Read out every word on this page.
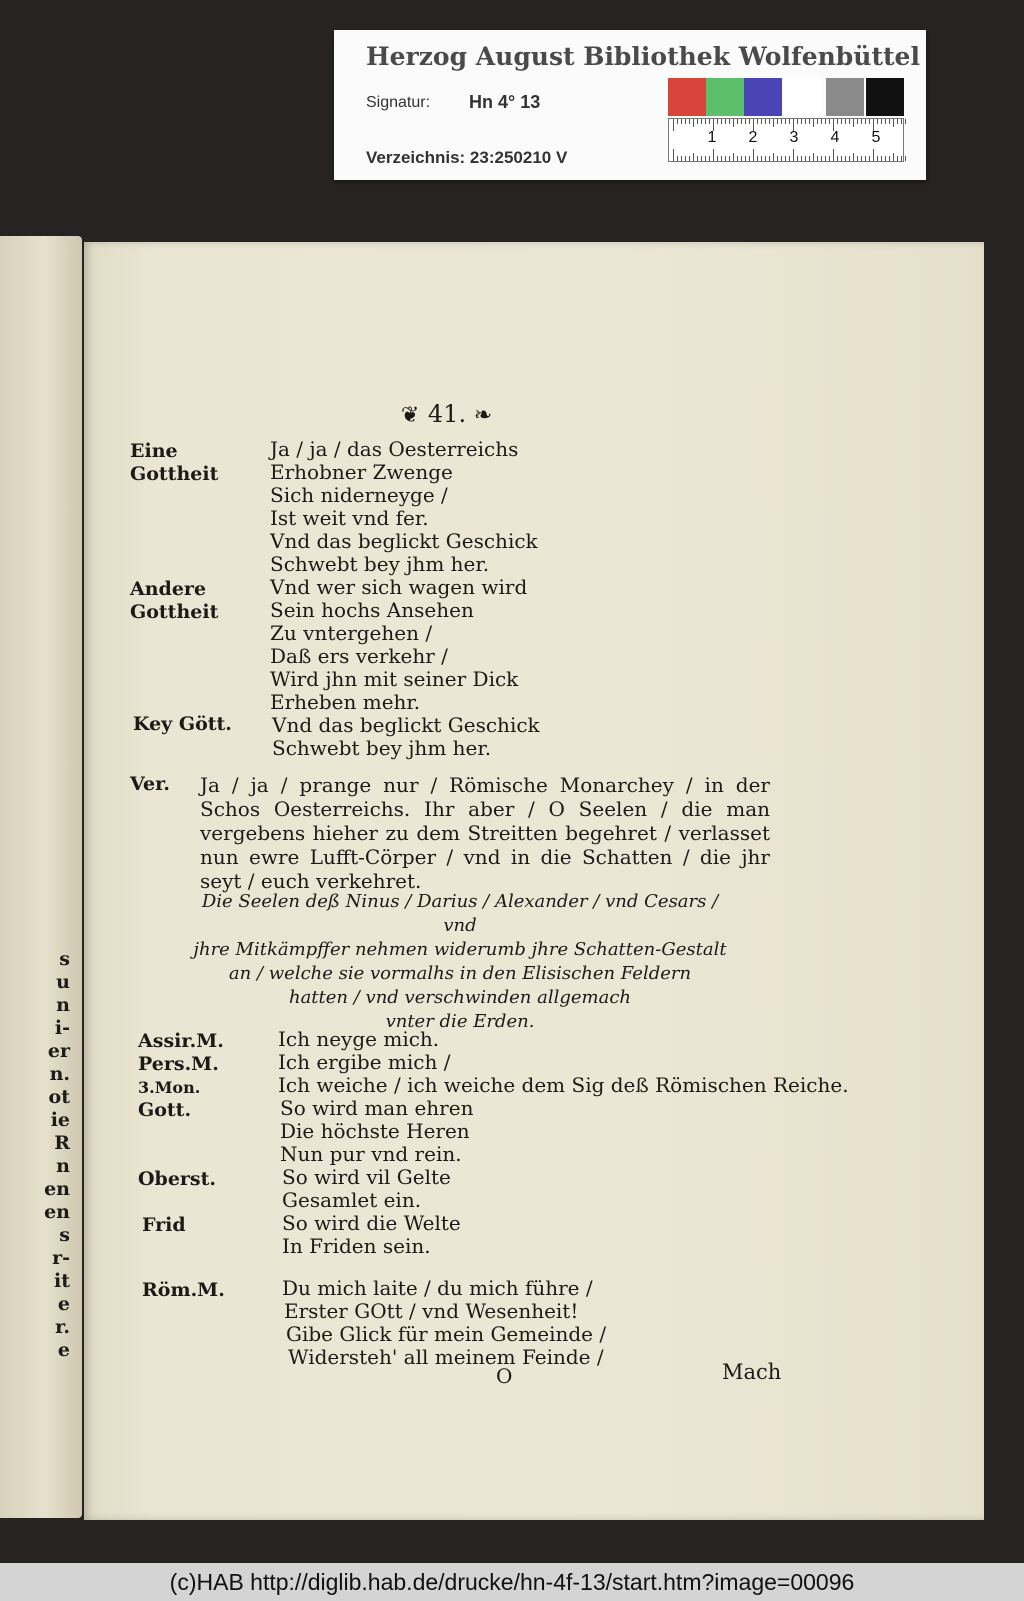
s
u
n
i-
er
n.
ot
ie
R
n
en
en
s
r-
it
e
r.
e
❦ 41. ❧
Eine
Gottheit
Andere
Gottheit
Key Gött.
Ja / ja / das Oesterreichs
Erhobner Zwenge
Sich niderneyge /
Ist weit vnd fer.
Vnd das beglickt Geschick
Schwebt bey jhm her.
Vnd wer sich wagen wird
Sein hochs Ansehen
Zu vntergehen /
Daß ers verkehr /
Wird jhn mit seiner Dick
Erheben mehr.
Vnd das beglickt Geschick
Schwebt bey jhm her.
Ver. Ja / ja / prange nur / Römische Monarchey / in der Schos Oesterreichs. Ihr aber / O Seelen / die man vergebens hieher zu dem Streitten begehret / verlasset nun ewre Lufft-Cörper / vnd in die Schatten / die jhr seyt / euch verkehret.
Die Seelen deß Ninus / Darius / Alexander / vnd Cesars / vnd
jhre Mitkämpffer nehmen widerumb jhre Schatten-Gestalt
an / welche sie vormalhs in den Elisischen Feldern
hatten / vnd verschwinden allgemach
vnter die Erden.
Assir.M.
Pers.M.
3.Mon.
Gott.
Oberst.
Frid
Röm.M.
Ich neyge mich.
Ich ergibe mich /
Ich weiche / ich weiche dem Sig deß Römischen Reiche.
So wird man ehren
Die höchste Heren
Nun pur vnd rein.
So wird vil Gelte
Gesamlet ein.
So wird die Welte
In Friden sein.
Du mich laite / du mich führe /
Erster GOtt / vnd Wesenheit!
Gibe Glick für mein Gemeinde /
Widersteh' all meinem Feinde /
O	Mach
Herzog August Bibliothek Wolfenbüttel
Signatur: Hn 4° 13
Verzeichnis: 23:250210 V
1 2 3 4 5
(c)HAB http://diglib.hab.de/drucke/hn-4f-13/start.htm?image=00096
